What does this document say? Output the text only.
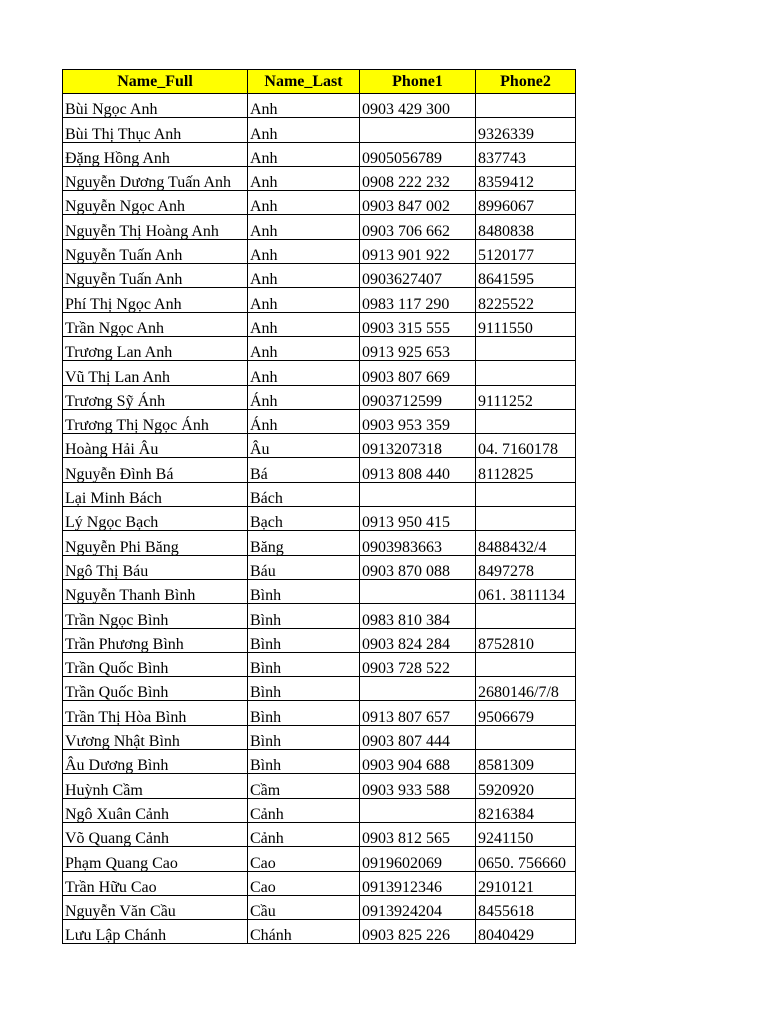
Name_Full	Name_Last	Phone1	Phone2
Bùi Ngọc Anh	Anh	0903 429 300	
Bùi Thị Thục Anh	Anh		9326339
Đặng Hồng Anh	Anh	0905056789	837743
Nguyễn Dương Tuấn Anh	Anh	0908 222 232	8359412
Nguyễn Ngọc Anh	Anh	0903 847 002	8996067
Nguyễn Thị Hoàng Anh	Anh	0903 706 662	8480838
Nguyễn Tuấn Anh	Anh	0913 901 922	5120177
Nguyễn Tuấn Anh	Anh	0903627407	8641595
Phí Thị Ngọc Anh	Anh	0983 117 290	8225522
Trần Ngọc Anh	Anh	0903 315 555	9111550
Trương Lan Anh	Anh	0913 925 653	
Vũ Thị Lan Anh	Anh	0903 807 669	
Trương Sỹ Ánh	Ánh	0903712599	9111252
Trương Thị Ngọc Ánh	Ánh	0903 953 359	
Hoàng Hải Âu	Âu	0913207318	04. 7160178
Nguyễn Đình Bá	Bá	0913 808 440	8112825
Lại Minh Bách	Bách		
Lý Ngọc Bạch	Bạch	0913 950 415	
Nguyễn Phi Băng	Băng	0903983663	8488432/4
Ngô Thị Báu	Báu	0903 870 088	8497278
Nguyễn Thanh Bình	Bình		061. 3811134
Trần Ngọc Bình	Bình	0983 810 384	
Trần Phương Bình	Bình	0903 824 284	8752810
Trần Quốc Bình	Bình	0903 728 522	
Trần Quốc Bình	Bình		2680146/7/8
Trần Thị Hòa Bình	Bình	0913 807 657	9506679
Vương Nhật Bình	Bình	0903 807 444	
Âu Dương Bình	Bình	0903 904 688	8581309
Huỳnh Cầm	Cầm	0903 933 588	5920920
Ngô Xuân Cảnh	Cảnh		8216384
Võ Quang Cảnh	Cảnh	0903 812 565	9241150
Phạm Quang Cao	Cao	0919602069	0650. 756660
Trần Hữu Cao	Cao	0913912346	2910121
Nguyễn Văn Cầu	Cầu	0913924204	8455618
Lưu Lập Chánh	Chánh	0903 825 226	8040429
